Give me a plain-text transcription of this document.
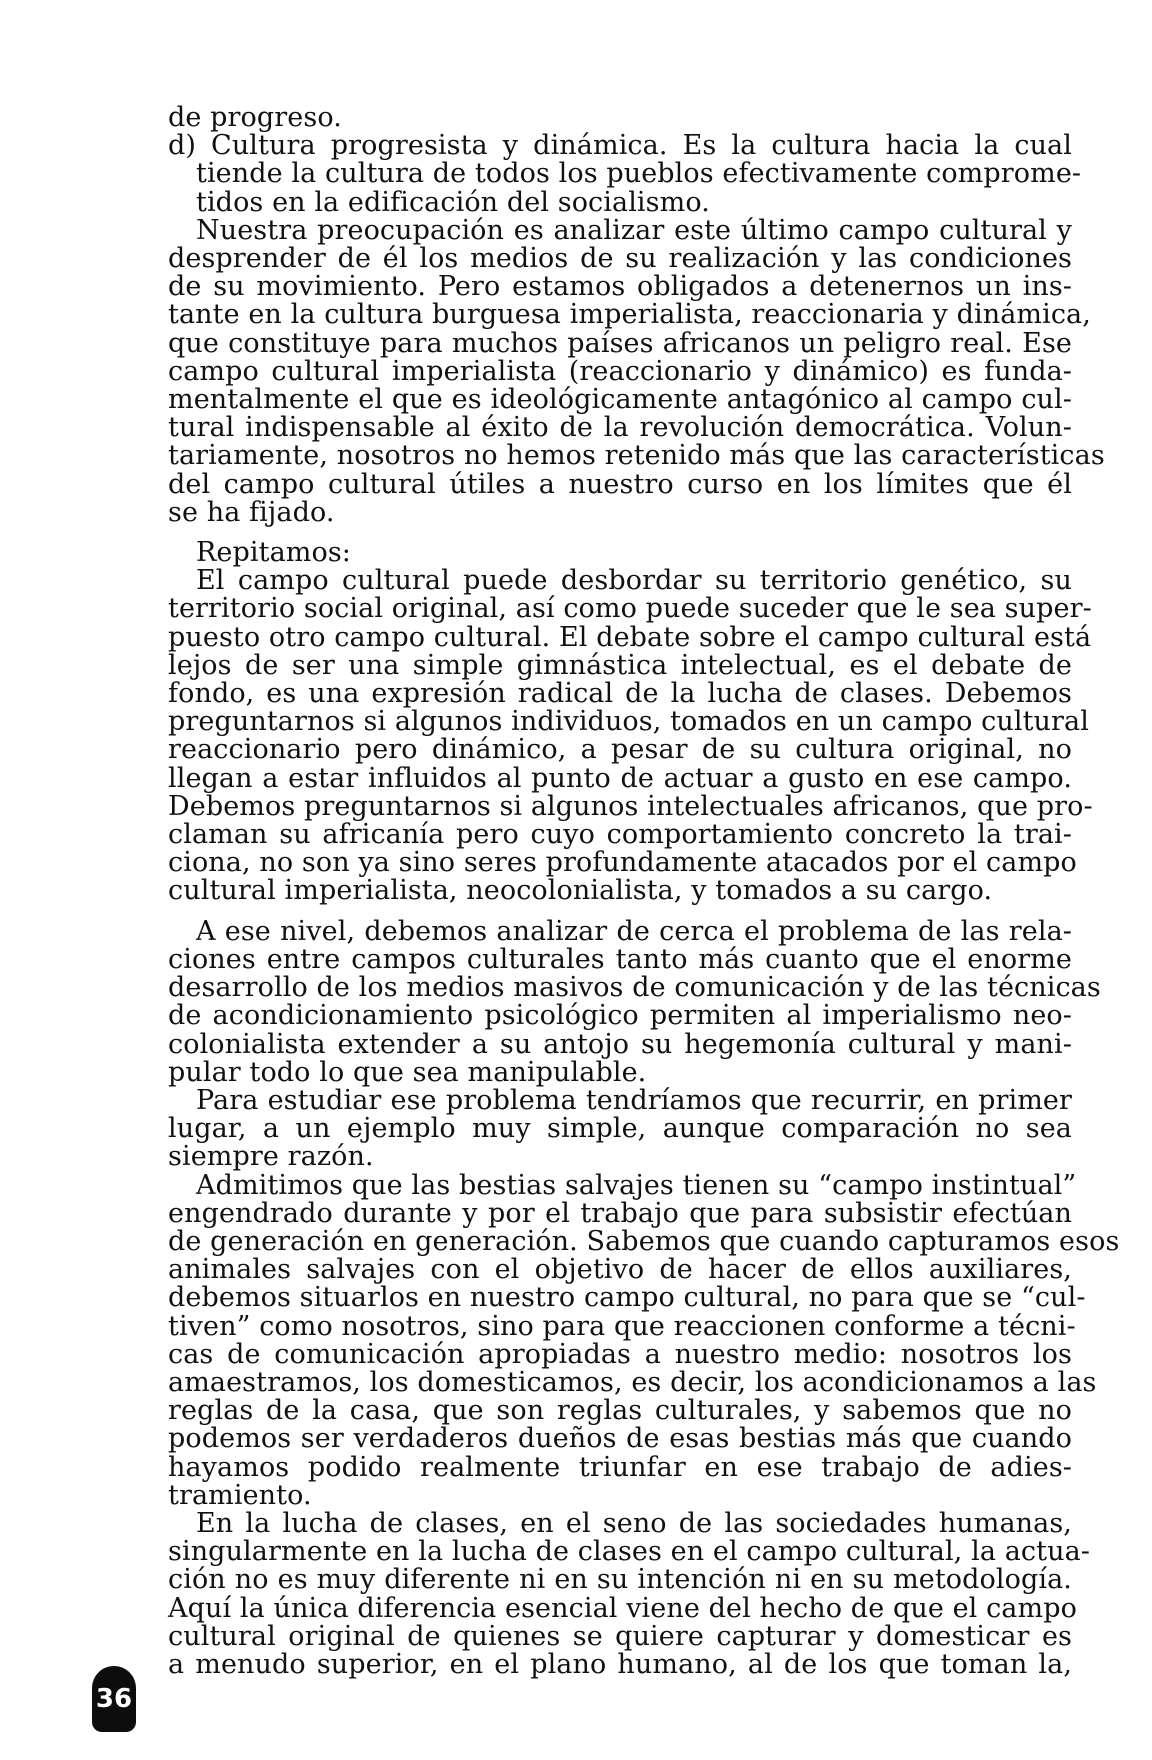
de progreso.
d) Cultura progresista y dinámica. Es la cultura hacia la cual
tiende la cultura de todos los pueblos efectivamente comprome-
tidos en la edificación del socialismo.
Nuestra preocupación es analizar este último campo cultural y
desprender de él los medios de su realización y las condiciones
de su movimiento. Pero estamos obligados a detenernos un ins-
tante en la cultura burguesa imperialista, reaccionaria y dinámica,
que constituye para muchos países africanos un peligro real. Ese
campo cultural imperialista (reaccionario y dinámico) es funda-
mentalmente el que es ideológicamente antagónico al campo cul-
tural indispensable al éxito de la revolución democrática. Volun-
tariamente, nosotros no hemos retenido más que las características
del campo cultural útiles a nuestro curso en los límites que él
se ha fijado.
Repitamos:
El campo cultural puede desbordar su territorio genético, su
territorio social original, así como puede suceder que le sea super-
puesto otro campo cultural. El debate sobre el campo cultural está
lejos de ser una simple gimnástica intelectual, es el debate de
fondo, es una expresión radical de la lucha de clases. Debemos
preguntarnos si algunos individuos, tomados en un campo cultural
reaccionario pero dinámico, a pesar de su cultura original, no
llegan a estar influidos al punto de actuar a gusto en ese campo.
Debemos preguntarnos si algunos intelectuales africanos, que pro-
claman su africanía pero cuyo comportamiento concreto la trai-
ciona, no son ya sino seres profundamente atacados por el campo
cultural imperialista, neocolonialista, y tomados a su cargo.
A ese nivel, debemos analizar de cerca el problema de las rela-
ciones entre campos culturales tanto más cuanto que el enorme
desarrollo de los medios masivos de comunicación y de las técnicas
de acondicionamiento psicológico permiten al imperialismo neo-
colonialista extender a su antojo su hegemonía cultural y mani-
pular todo lo que sea manipulable.
Para estudiar ese problema tendríamos que recurrir, en primer
lugar, a un ejemplo muy simple, aunque comparación no sea
siempre razón.
Admitimos que las bestias salvajes tienen su “campo instintual”
engendrado durante y por el trabajo que para subsistir efectúan
de generación en generación. Sabemos que cuando capturamos esos
animales salvajes con el objetivo de hacer de ellos auxiliares,
debemos situarlos en nuestro campo cultural, no para que se “cul-
tiven” como nosotros, sino para que reaccionen conforme a técni-
cas de comunicación apropiadas a nuestro medio: nosotros los
amaestramos, los domesticamos, es decir, los acondicionamos a las
reglas de la casa, que son reglas culturales, y sabemos que no
podemos ser verdaderos dueños de esas bestias más que cuando
hayamos podido realmente triunfar en ese trabajo de adies-
tramiento.
En la lucha de clases, en el seno de las sociedades humanas,
singularmente en la lucha de clases en el campo cultural, la actua-
ción no es muy diferente ni en su intención ni en su metodología.
Aquí la única diferencia esencial viene del hecho de que el campo
cultural original de quienes se quiere capturar y domesticar es
a menudo superior, en el plano humano, al de los que toman la,
36
